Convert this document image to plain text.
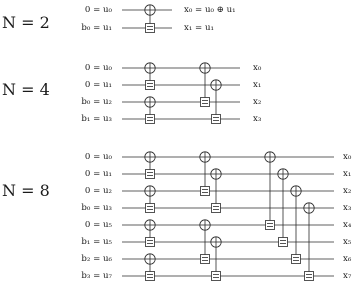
N = 2
0 = u₀
b₀ = u₁
x₀ = u₀ ⊕ u₁
x₁ = u₁
N = 4
0 = u₀
0 = u₁
b₀ = u₂
b₁ = u₃
x₀
x₁
x₂
x₃
N = 8
0 = u₀
0 = u₁
0 = u₂
b₀ = u₃
0 = u₅
b₁ = u₅
b₂ = u₆
b₃ = u₇
x₀
x₁
x₂
x₃
x₄
x₅
x₆
x₇
